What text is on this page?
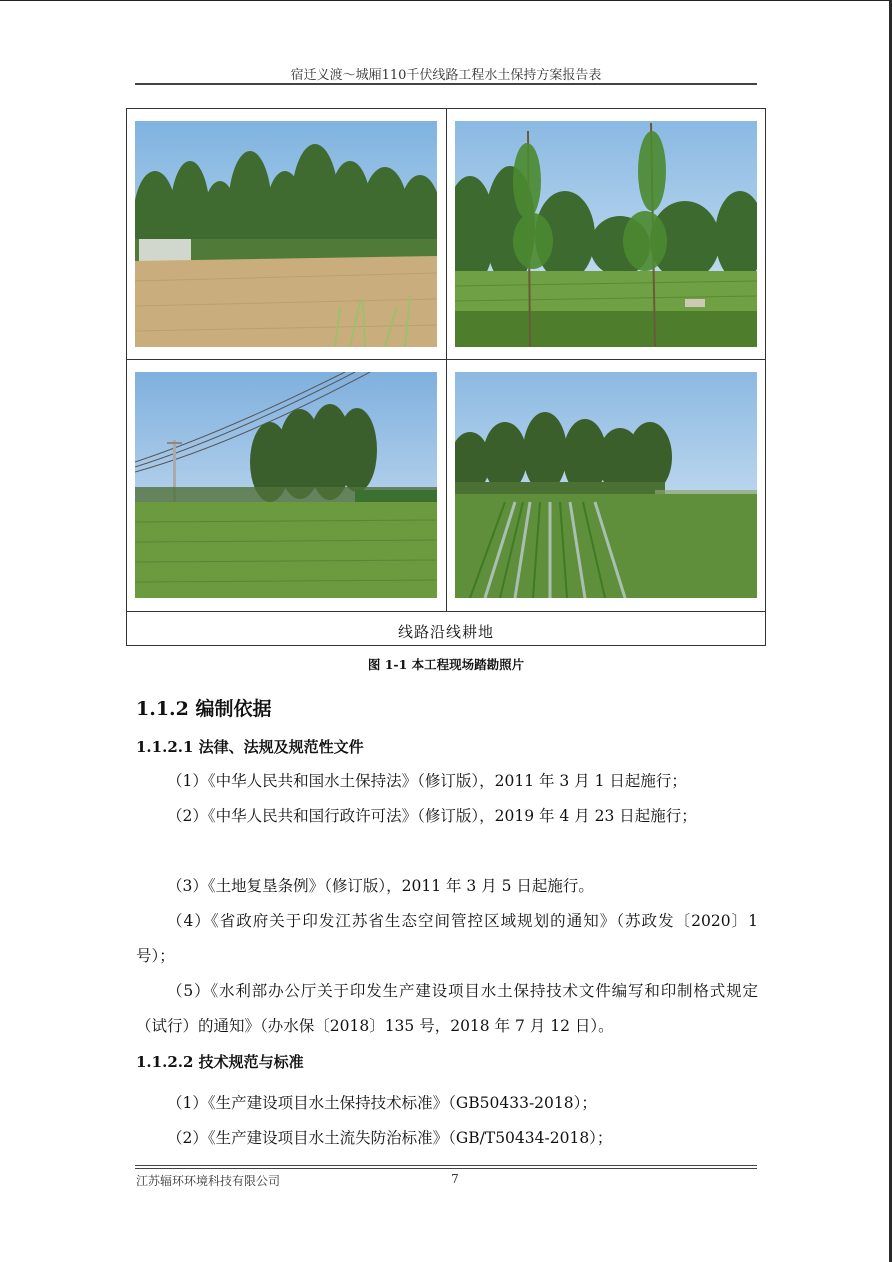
宿迁义渡～城厢110千伏线路工程水土保持方案报告表
线路沿线耕地
图 1-1 本工程现场踏勘照片
1.1.2 编制依据
1.1.2.1 法律、法规及规范性文件

（1）《中华人民共和国水土保持法》（修订版），2011 年 3 月 1 日起施行；

（2）《中华人民共和国行政许可法》（修订版），2019 年 4 月 23 日起施行；

（3）《土地复垦条例》（修订版），2011 年 3 月 5 日起施行。

（4）《省政府关于印发江苏省生态空间管控区域规划的通知》（苏政发〔2020〕1 号）；

（5）《水利部办公厅关于印发生产建设项目水土保持技术文件编写和印制格式规定（试行）的通知》（办水保〔2018〕135 号，2018 年 7 月 12 日）。

1.1.2.2 技术规范与标准

（1）《生产建设项目水土保持技术标准》（GB50433-2018）；

（2）《生产建设项目水土流失防治标准》（GB/T50434-2018）；

江苏辐环环境科技有限公司	7
